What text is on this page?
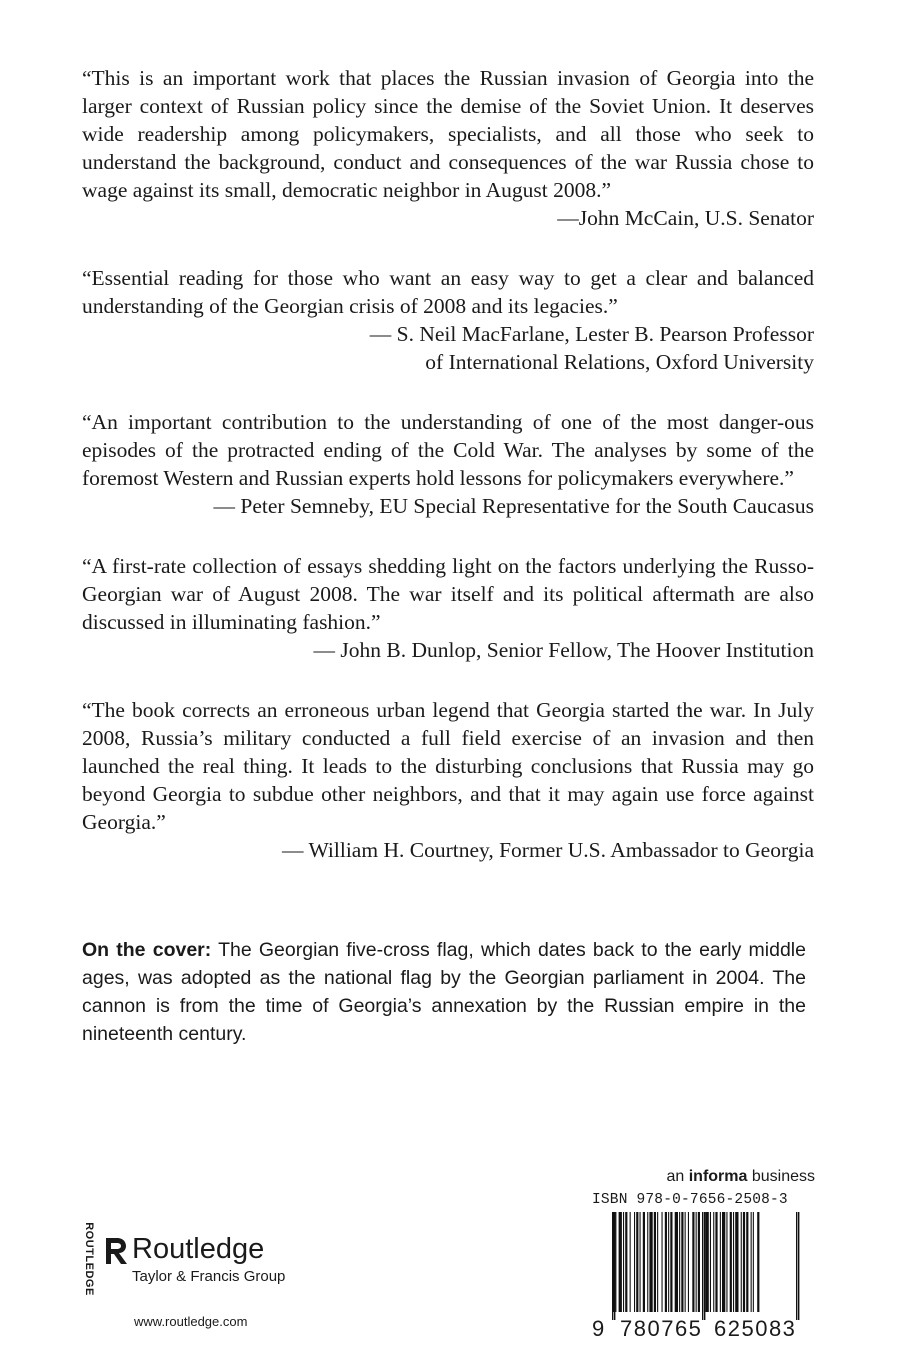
“This is an important work that places the Russian invasion of Georgia into the larger context of Russian policy since the demise of the Soviet Union. It deserves wide readership among policymakers, specialists, and all those who seek to understand the background, conduct and consequences of the war Russia chose to wage against its small, democratic neighbor in August 2008.”
—John McCain, U.S. Senator
“Essential reading for those who want an easy way to get a clear and balanced understanding of the Georgian crisis of 2008 and its legacies.”
— S. Neil MacFarlane, Lester B. Pearson Professor
of International Relations, Oxford University
“An important contribution to the understanding of one of the most danger-ous episodes of the protracted ending of the Cold War. The analyses by some of the foremost Western and Russian experts hold lessons for policymakers everywhere.”
— Peter Semneby, EU Special Representative for the South Caucasus
“A first-rate collection of essays shedding light on the factors underlying the Russo-Georgian war of August 2008. The war itself and its political aftermath are also discussed in illuminating fashion.”
— John B. Dunlop, Senior Fellow, The Hoover Institution
“The book corrects an erroneous urban legend that Georgia started the war. In July 2008, Russia’s military conducted a full field exercise of an invasion and then launched the real thing. It leads to the disturbing conclusions that Russia may go beyond Georgia to subdue other neighbors, and that it may again use force against Georgia.”
— William H. Courtney, Former U.S. Ambassador to Georgia
On the cover: The Georgian five-cross flag, which dates back to the early middle ages, was adopted as the national flag by the Georgian parliament in 2004. The cannon is from the time of Georgia’s annexation by the Russian empire in the nineteenth century.
ROUTLEDGE Routledge
Taylor & Francis Group
www.routledge.com
an informa business
ISBN 978-0-7656-2508-3
9 780765 625083
